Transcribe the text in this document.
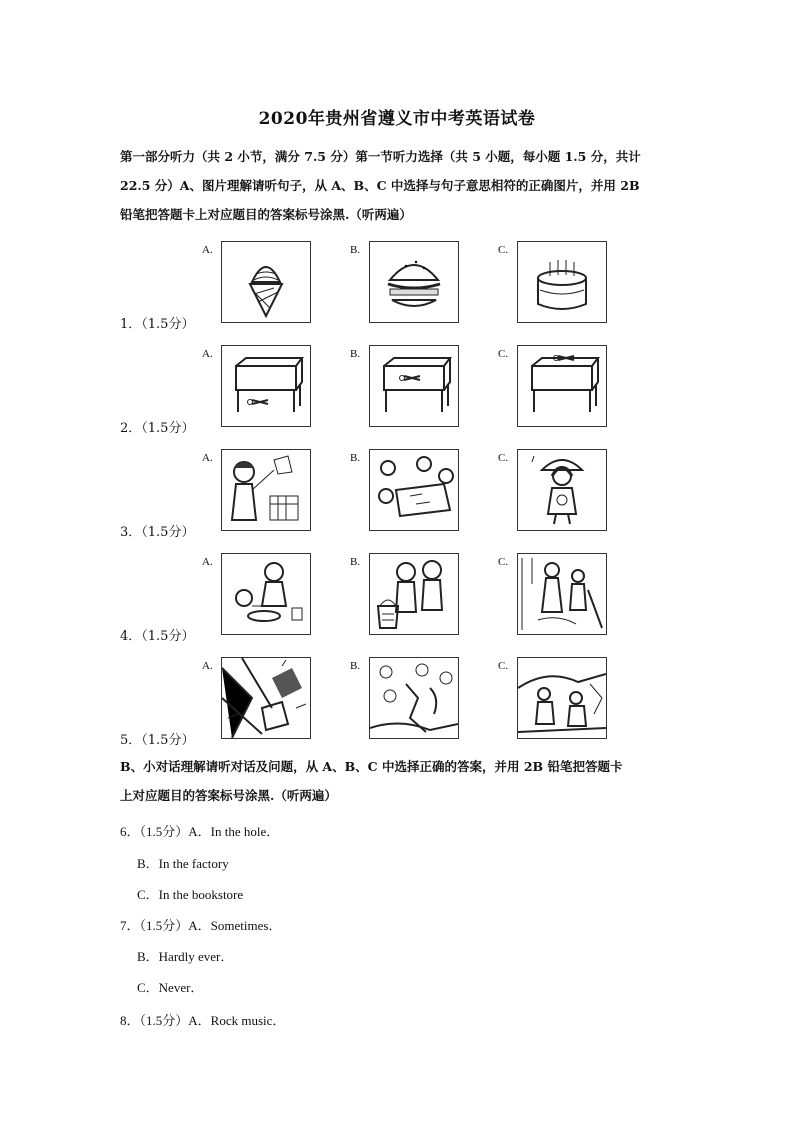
2020年贵州省遵义市中考英语试卷
第一部分听力（共 2 小节，满分 7.5 分）第一节听力选择（共 5 小题，每小题 1.5 分，共计
22.5 分）A、图片理解请听句子，从 A、B、C 中选择与句子意思相符的正确图片，并用 2B
铅笔把答题卡上对应题目的答案标号涂黑.（听两遍）
A.	B.	C.
1．（1.5分）
A.	B.	C.
2．（1.5分）
A.	B.	C.
3．（1.5分）
A.	B.	C.
4．（1.5分）
A.	B.	C.
5．（1.5分）
B、小对话理解请听对话及问题，从 A、B、C 中选择正确的答案，并用 2B 铅笔把答题卡
上对应题目的答案标号涂黑.（听两遍）
6．（1.5分）A．In the hole．
B．In the factory
C．In the bookstore
7．（1.5分）A．Sometimes．
B．Hardly ever．
C．Never．
8．（1.5分）A．Rock music．
